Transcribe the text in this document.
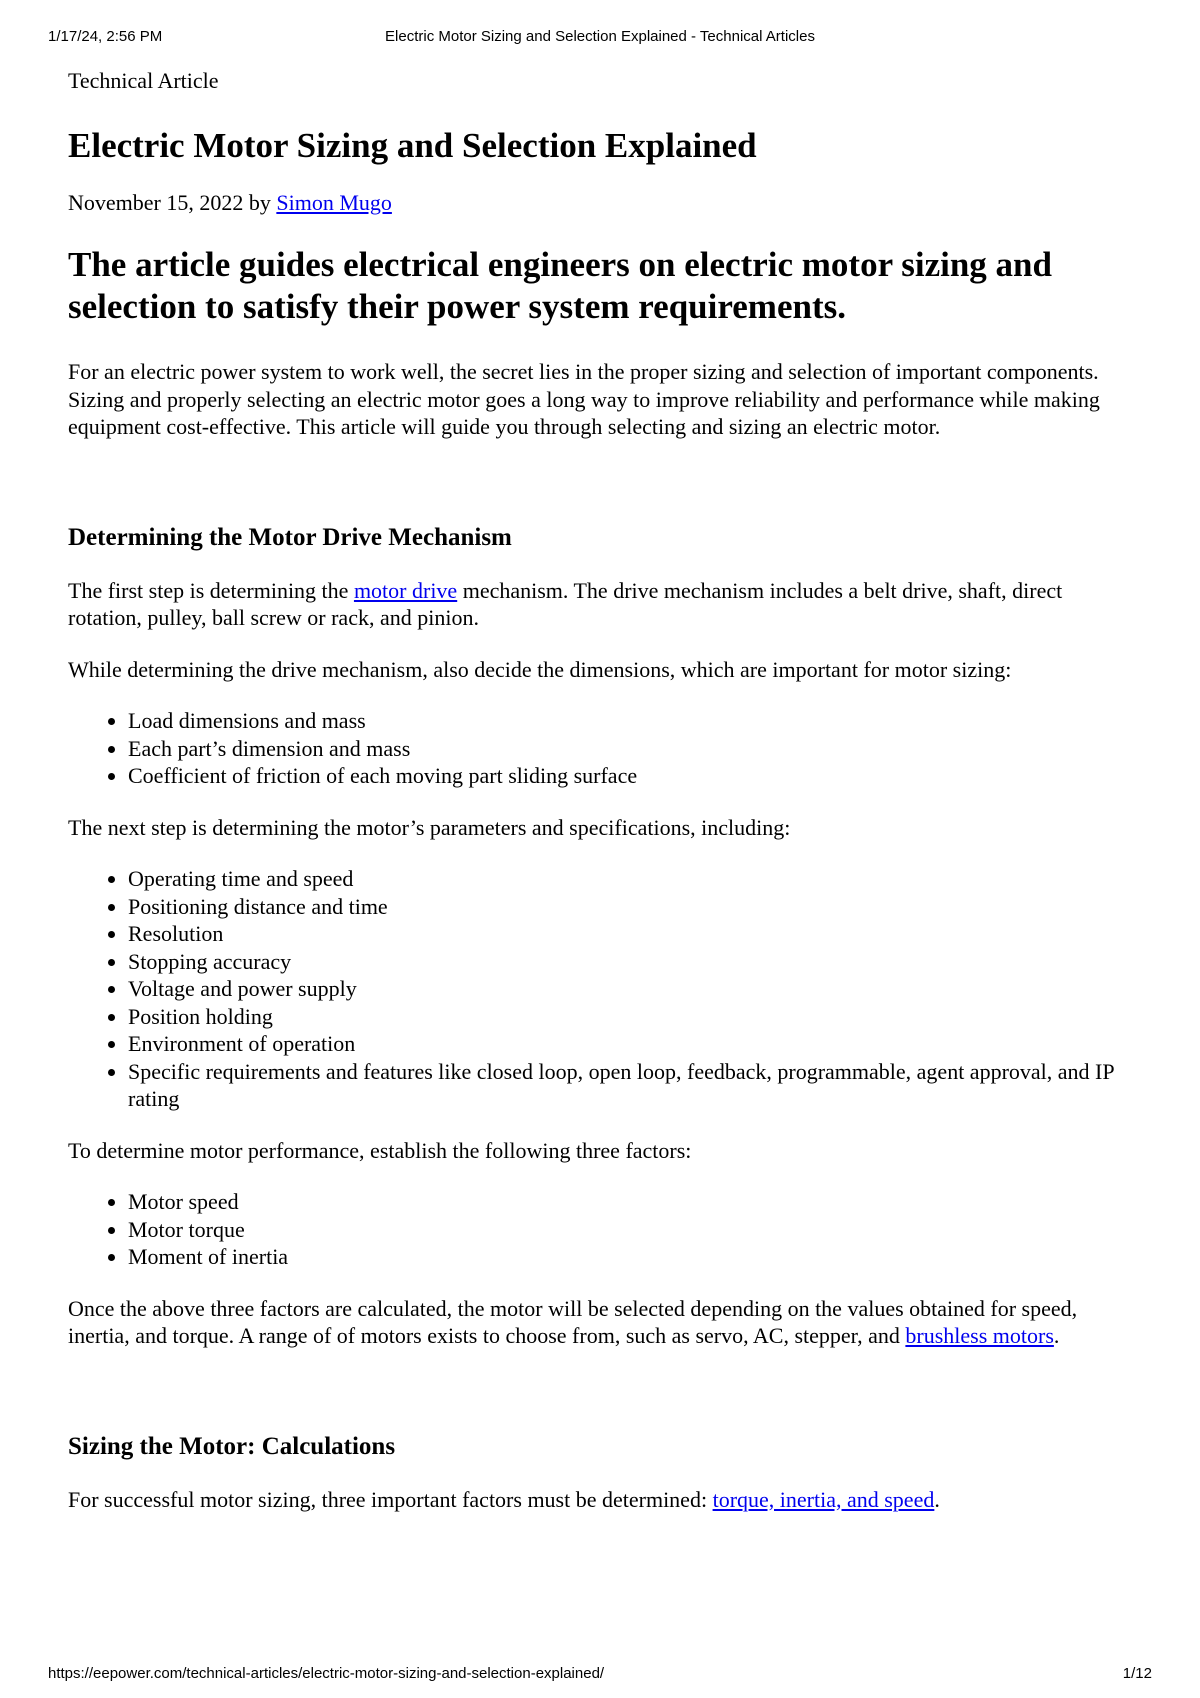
1/17/24, 2:56 PM	Electric Motor Sizing and Selection Explained - Technical Articles

Technical Article

Electric Motor Sizing and Selection Explained

November 15, 2022 by Simon Mugo

The article guides electrical engineers on electric motor sizing and selection to satisfy their power system requirements.

For an electric power system to work well, the secret lies in the proper sizing and selection of important components. Sizing and properly selecting an electric motor goes a long way to improve reliability and performance while making equipment cost-effective. This article will guide you through selecting and sizing an electric motor.

Determining the Motor Drive Mechanism

The first step is determining the motor drive mechanism. The drive mechanism includes a belt drive, shaft, direct rotation, pulley, ball screw or rack, and pinion.

While determining the drive mechanism, also decide the dimensions, which are important for motor sizing:

• Load dimensions and mass
• Each part’s dimension and mass
• Coefficient of friction of each moving part sliding surface

The next step is determining the motor’s parameters and specifications, including:

• Operating time and speed
• Positioning distance and time
• Resolution
• Stopping accuracy
• Voltage and power supply
• Position holding
• Environment of operation
• Specific requirements and features like closed loop, open loop, feedback, programmable, agent approval, and IP rating

To determine motor performance, establish the following three factors:

• Motor speed
• Motor torque
• Moment of inertia

Once the above three factors are calculated, the motor will be selected depending on the values obtained for speed, inertia, and torque. A range of of motors exists to choose from, such as servo, AC, stepper, and brushless motors.

Sizing the Motor: Calculations

For successful motor sizing, three important factors must be determined: torque, inertia, and speed.

https://eepower.com/technical-articles/electric-motor-sizing-and-selection-explained/	1/12
